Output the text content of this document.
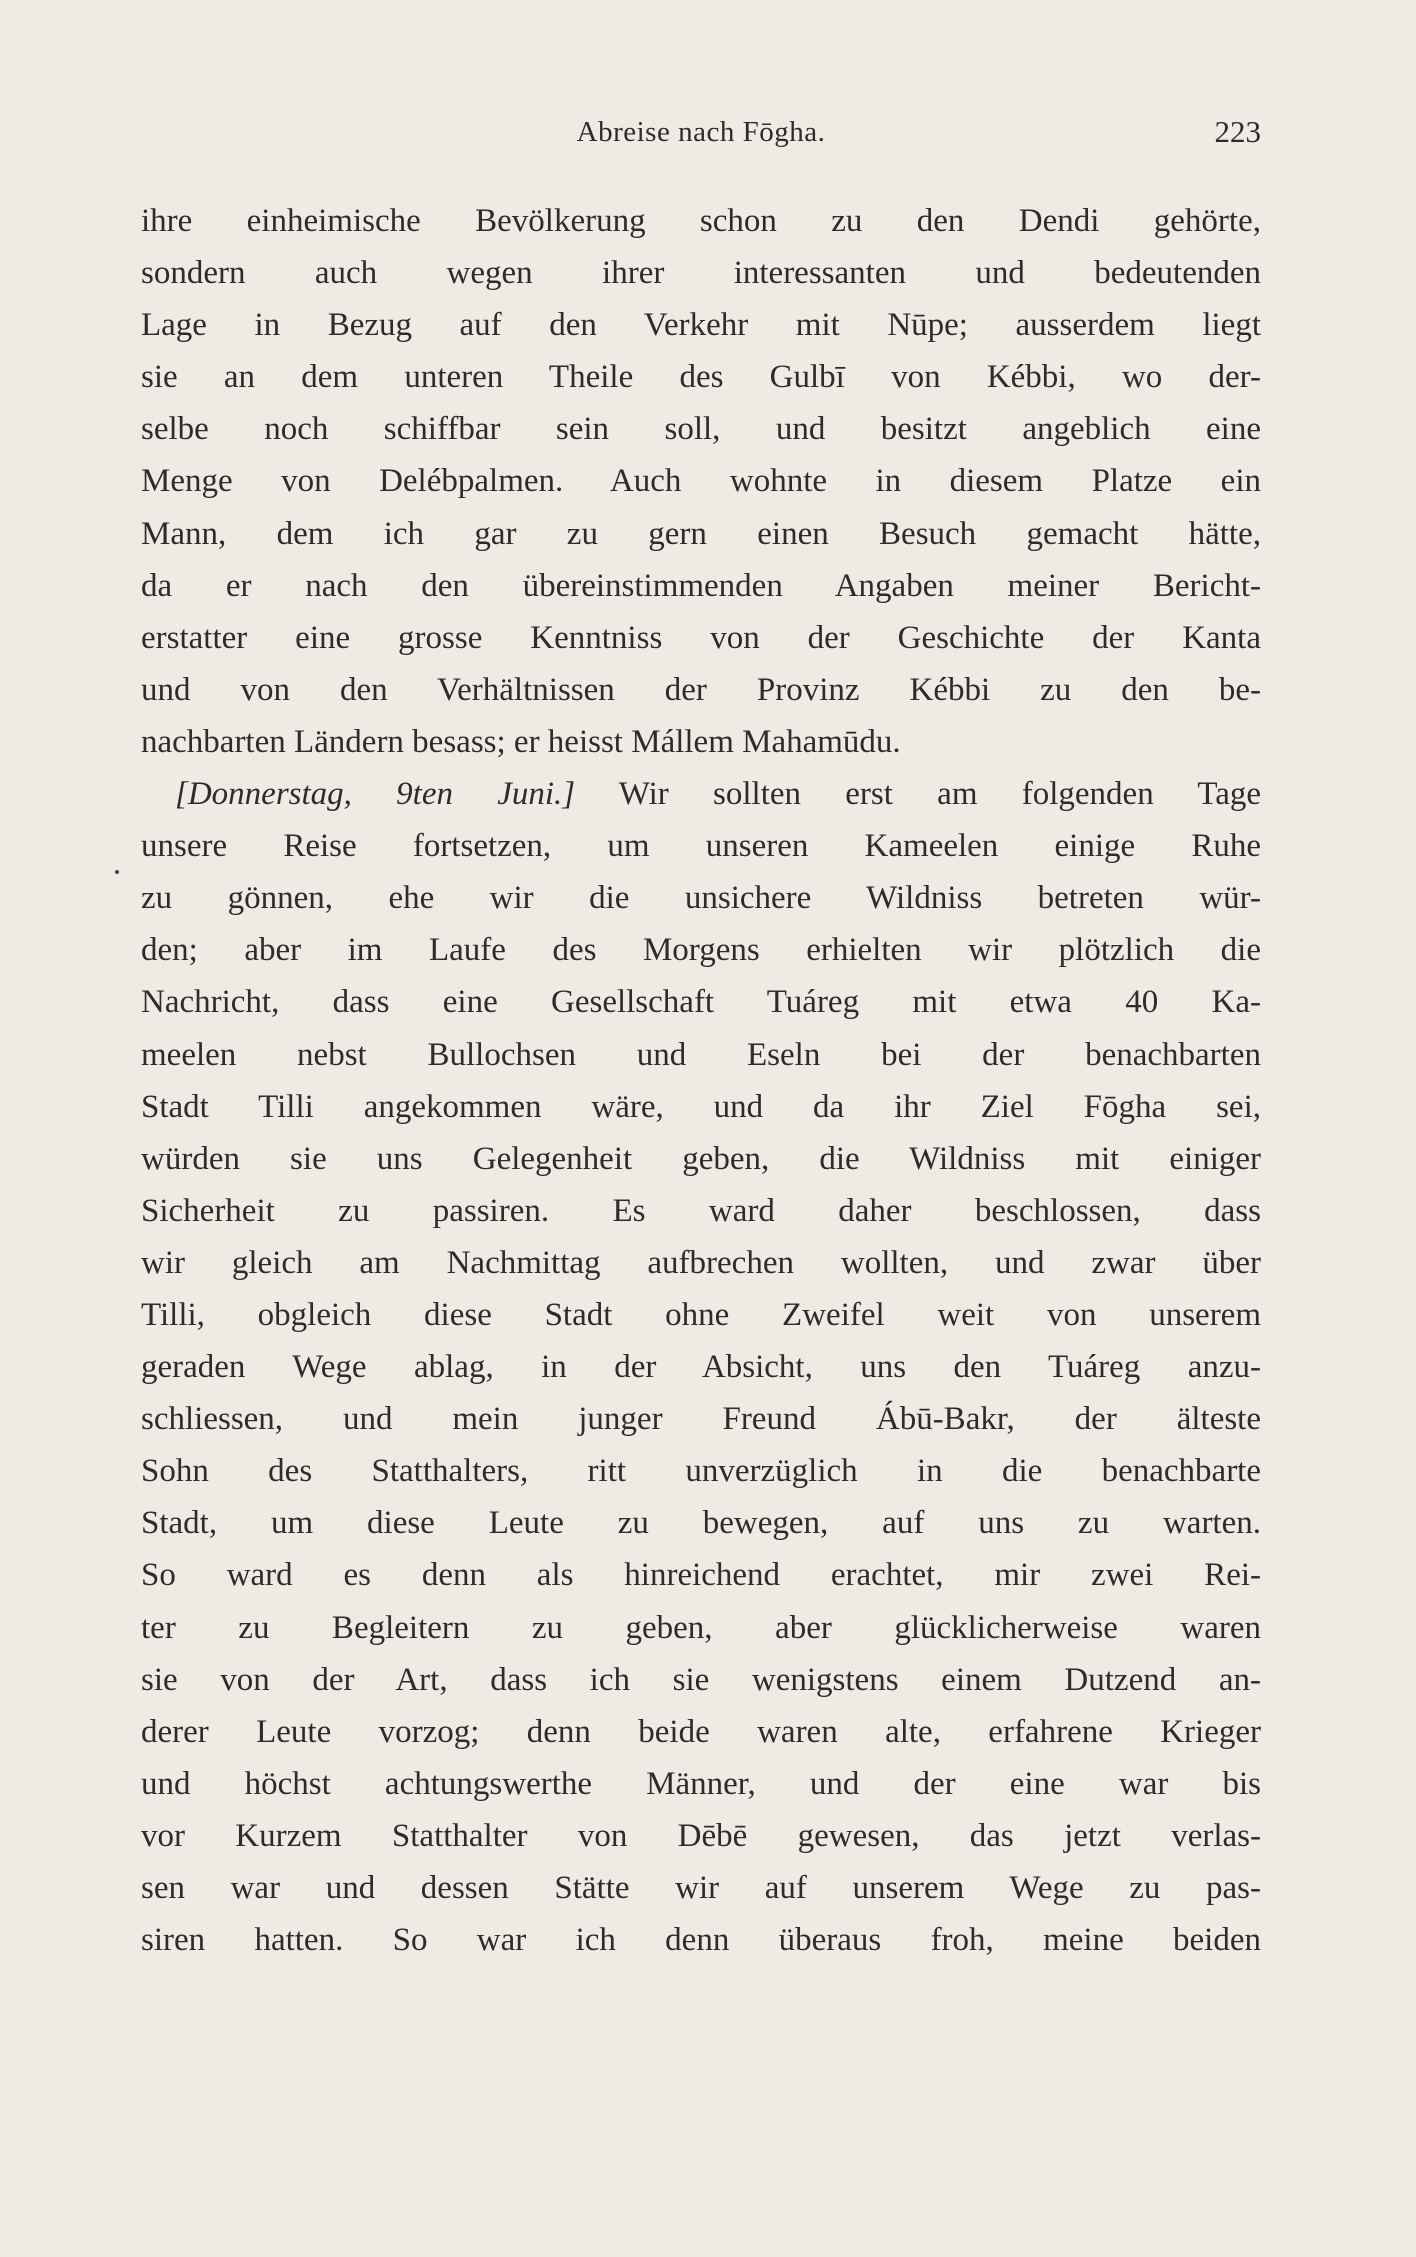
Abreise nach Fōgha.	223
ihre einheimische Bevölkerung schon zu den Dendi gehörte,
sondern auch wegen ihrer interessanten und bedeutenden
Lage in Bezug auf den Verkehr mit Nūpe; ausserdem liegt
sie an dem unteren Theile des Gulbī von Kébbi, wo der-
selbe noch schiffbar sein soll, und besitzt angeblich eine
Menge von Delébpalmen. Auch wohnte in diesem Platze ein
Mann, dem ich gar zu gern einen Besuch gemacht hätte,
da er nach den übereinstimmenden Angaben meiner Bericht-
erstatter eine grosse Kenntniss von der Geschichte der Kanta
und von den Verhältnissen der Provinz Kébbi zu den be-
nachbarten Ländern besass; er heisst Mállem Mahamūdu.
[Donnerstag, 9ten Juni.] Wir sollten erst am folgenden Tage
unsere Reise fortsetzen, um unseren Kameelen einige Ruhe
zu gönnen, ehe wir die unsichere Wildniss betreten wür-
den; aber im Laufe des Morgens erhielten wir plötzlich die
Nachricht, dass eine Gesellschaft Tuáreg mit etwa 40 Ka-
meelen nebst Bullochsen und Eseln bei der benachbarten
Stadt Tilli angekommen wäre, und da ihr Ziel Fōgha sei,
würden sie uns Gelegenheit geben, die Wildniss mit einiger
Sicherheit zu passiren. Es ward daher beschlossen, dass
wir gleich am Nachmittag aufbrechen wollten, und zwar über
Tilli, obgleich diese Stadt ohne Zweifel weit von unserem
geraden Wege ablag, in der Absicht, uns den Tuáreg anzu-
schliessen, und mein junger Freund Ábū-Bakr, der älteste
Sohn des Statthalters, ritt unverzüglich in die benachbarte
Stadt, um diese Leute zu bewegen, auf uns zu warten.
So ward es denn als hinreichend erachtet, mir zwei Rei-
ter zu Begleitern zu geben, aber glücklicherweise waren
sie von der Art, dass ich sie wenigstens einem Dutzend an-
derer Leute vorzog; denn beide waren alte, erfahrene Krieger
und höchst achtungswerthe Männer, und der eine war bis
vor Kurzem Statthalter von Dēbē gewesen, das jetzt verlas-
sen war und dessen Stätte wir auf unserem Wege zu pas-
siren hatten. So war ich denn überaus froh, meine beiden
